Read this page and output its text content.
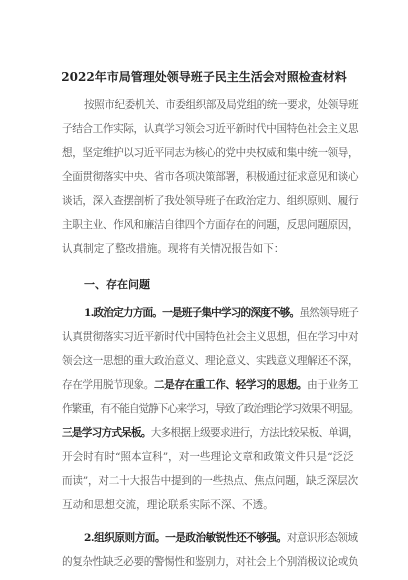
2022年市局管理处领导班子民主生活会对照检查材料
按照市纪委机关、市委组织部及局党组的统一要求，处领导班
子结合工作实际，认真学习领会习近平新时代中国特色社会主义思
想，坚定维护以习近平同志为核心的党中央权威和集中统一领导，
全面贯彻落实中央、省市各项决策部署，积极通过征求意见和谈心
谈话，深入查摆剖析了我处领导班子在政治定力、组织原则、履行
主职主业、作风和廉洁自律四个方面存在的问题，反思问题原因，
认真制定了整改措施。现将有关情况报告如下：
一、存在问题
1.政治定力方面。一是班子集中学习的深度不够。虽然领导班子
认真贯彻落实习近平新时代中国特色社会主义思想，但在学习中对
领会这一思想的重大政治意义、理论意义、实践意义理解还不深，
存在学用脱节现象。二是存在重工作、轻学习的思想。由于业务工
作繁重，有不能自觉静下心来学习，导致了政治理论学习效果不明显。
三是学习方式呆板。大多根据上级要求进行，方法比较呆板、单调，
开会时有时“照本宣科”，对一些理论文章和政策文件只是“泛泛
而读”，对二十大报告中提到的一些热点、焦点问题，缺乏深层次
互动和思想交流，理论联系实际不深、不透。
2.组织原则方面。一是政治敏锐性还不够强。对意识形态领域
的复杂性缺乏必要的警惕性和鉴别力，对社会上个别消极议论或负
